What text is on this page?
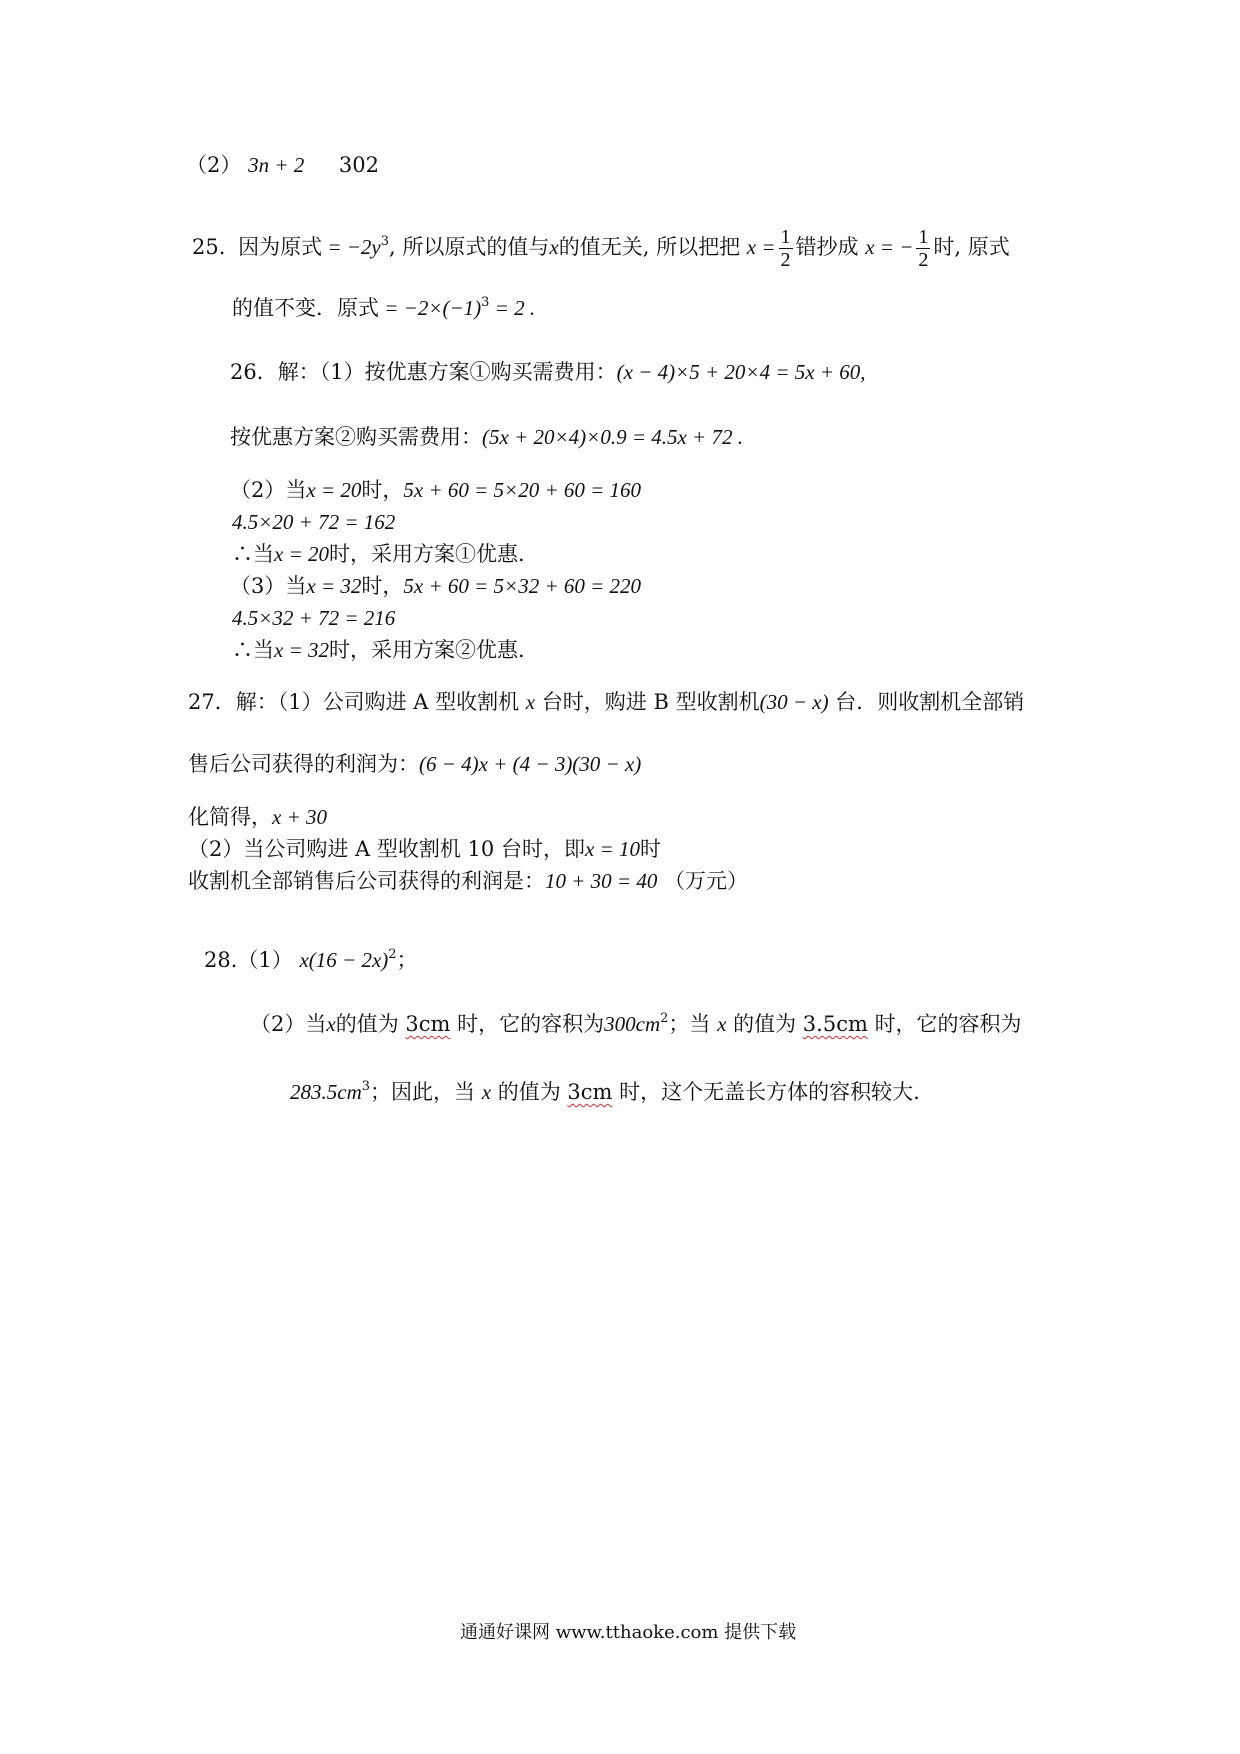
（2） 3n + 2 302
25. 因为原式 = $-2y^3$, 所以原式的值与x的值无关, 所以把把 $x = \frac{1}{2}$ 错抄成 x = − $\frac{1}{2}$ 时, 原式
的值不变．原式 = $-2\times(-1)^3 = 2$ .
26．解：（1）按优惠方案①购买需费用：(x − 4)×5 + 20×4 = 5x + 60,
按优惠方案②购买需费用：(5x + 20×4)×0.9 = 4.5x + 72 .
（2）当x = 20时，5x + 60 = 5×20 + 60 = 160
4.5×20 + 72 = 162
∴当x = 20时，采用方案①优惠.
（3）当x = 32时，5x + 60 = 5×32 + 60 = 220
4.5×32 + 72 = 216
∴当x = 32时，采用方案②优惠.
27．解：（1）公司购进 A 型收割机 x 台时，购进 B 型收割机(30 − x) 台．则收割机全部销
售后公司获得的利润为：(6 − 4)x + (4 − 3)(30 − x)
化简得，x + 30
（2）当公司购进 A 型收割机 10 台时，即x = 10时
收割机全部销售后公司获得的利润是：10 + 30 = 40 （万元）
28.（1） $x(16 - 2x)^2$；
（2）当x的值为 3cm 时，它的容积为$300cm^2$；当 x 的值为 3.5cm 时，它的容积为
$283.5cm^3$；因此，当 x 的值为 3cm 时，这个无盖长方体的容积较大.
通通好课网 www.tthaoke.com 提供下载
